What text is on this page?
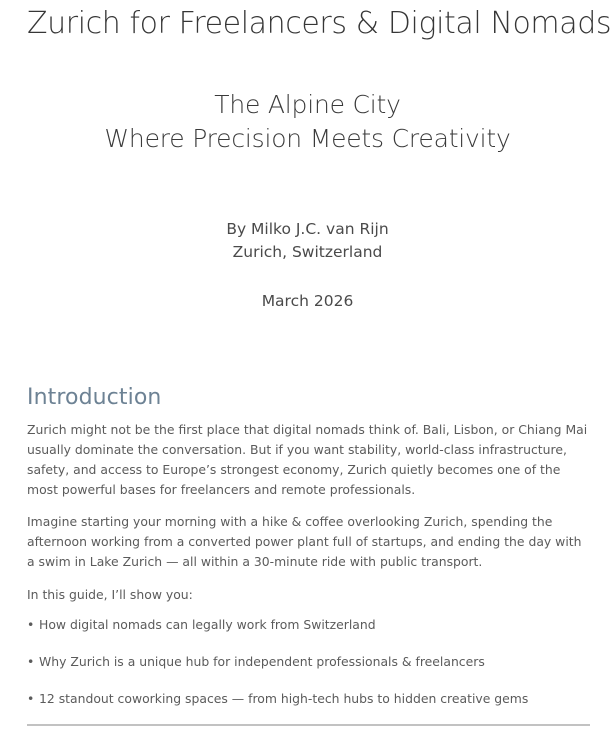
Zurich for Freelancers & Digital Nomads

The Alpine City

Where Precision Meets Creativity

By Milko J.C. van Rijn

Zurich, Switzerland

March 2026

Introduction

Zurich might not be the first place that digital nomads think of. Bali, Lisbon, or Chiang Mai usually dominate the conversation. But if you want stability, world-class infrastructure, safety, and access to Europe’s strongest economy, Zurich quietly becomes one of the most powerful bases for freelancers and remote professionals.

Imagine starting your morning with a hike & coffee overlooking Zurich, spending the afternoon working from a converted power plant full of startups, and ending the day with a swim in Lake Zurich — all within a 30-minute ride with public transport.

In this guide, I’ll show you:

• How digital nomads can legally work from Switzerland
• Why Zurich is a unique hub for independent professionals & freelancers
• 12 standout coworking spaces — from high-tech hubs to hidden creative gems
